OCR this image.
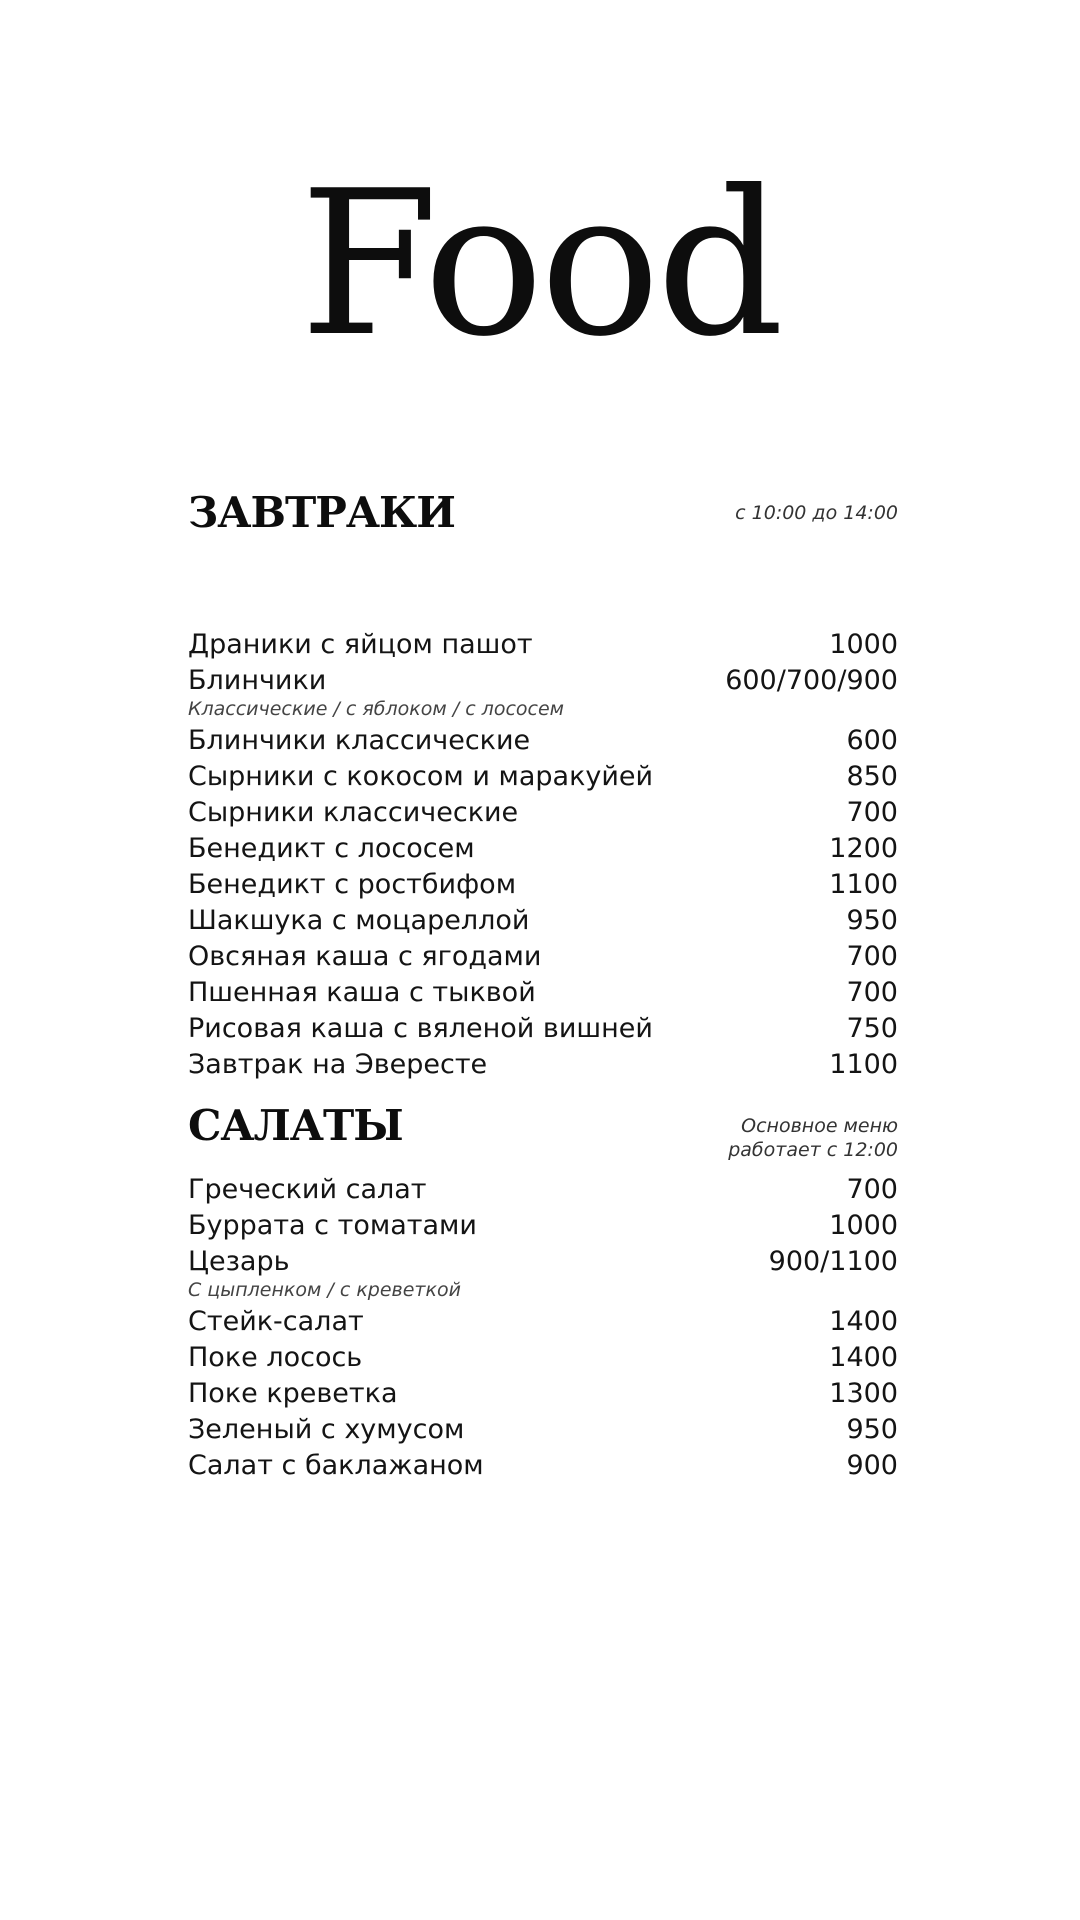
Food
ЗАВТРАКИ	с 10:00 до 14:00
Драники с яйцом пашот	1000
Блинчики	600/700/900
Классические / с яблоком / с лососем
Блинчики классические	600
Сырники с кокосом и маракуйей	850
Сырники классические	700
Бенедикт с лососем	1200
Бенедикт с ростбифом	1100
Шакшука с моцареллой	950
Овсяная каша с ягодами	700
Пшенная каша с тыквой	700
Рисовая каша с вяленой вишней	750
Завтрак на Эвересте	1100
САЛАТЫ	Основное меню
работает с 12:00
Греческий салат	700
Буррата с томатами	1000
Цезарь	900/1100
С цыпленком / с креветкой
Стейк-салат	1400
Поке лосось	1400
Поке креветка	1300
Зеленый с хумусом	950
Салат с баклажаном	900
